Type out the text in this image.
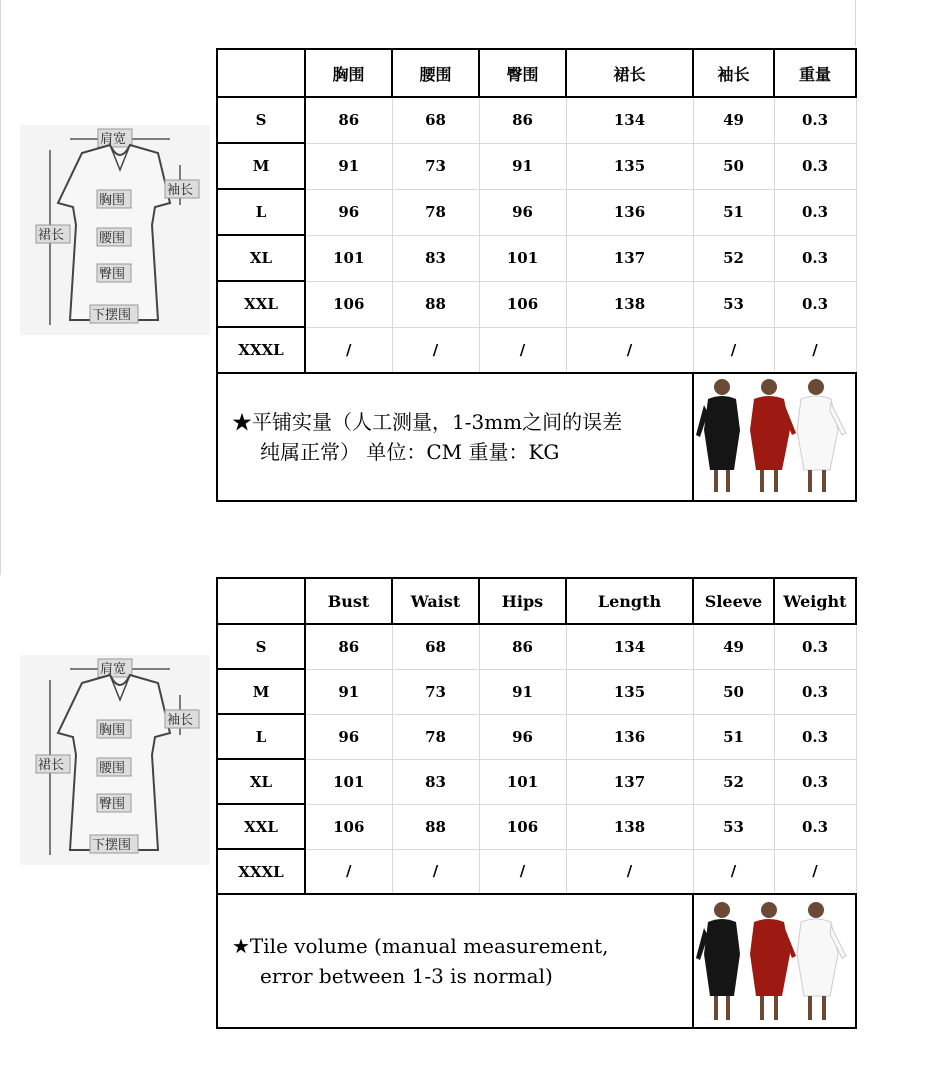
肩宽
裙长
袖长
胸围
腰围
臀围
下摆围
肩宽
裙长
袖长
胸围
腰围
臀围
下摆围
	胸围	腰围	臀围	裙长	袖长	重量
S	86	68	86	134	49	0.3
M	91	73	91	135	50	0.3
L	96	78	96	136	51	0.3
XL	101	83	101	137	52	0.3
XXL	106	88	106	138	53	0.3
XXXL	/	/	/	/	/	/

★平铺实量（人工测量，1-3mm之间的误差
纯属正常） 单位：CM 重量：KG

	Bust	Waist	Hips	Length	Sleeve	Weight
S	86	68	86	134	49	0.3
M	91	73	91	135	50	0.3
L	96	78	96	136	51	0.3
XL	101	83	101	137	52	0.3
XXL	106	88	106	138	53	0.3
XXXL	/	/	/	/	/	/

★Tile volume (manual measurement,
error between 1-3 is normal)
